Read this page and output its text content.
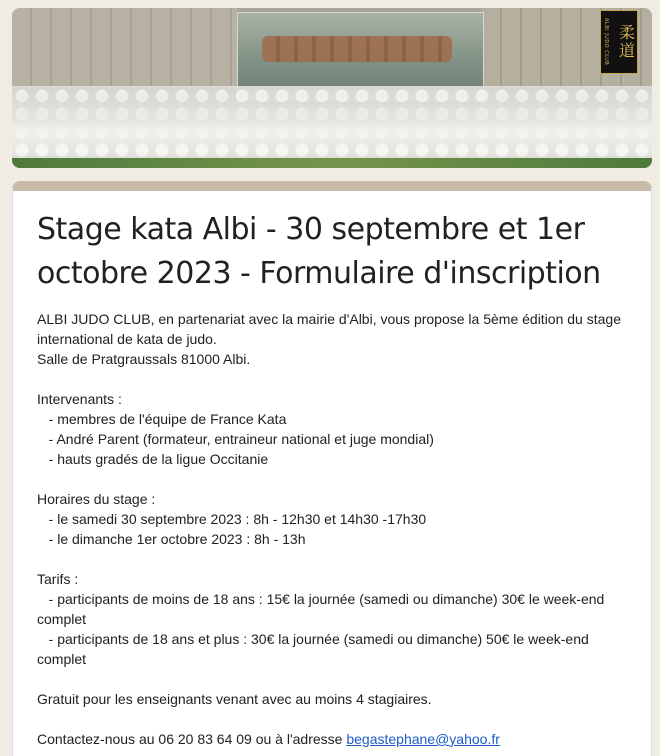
ALBI JUDO CLUB 柔
道
Stage kata Albi - 30 septembre et 1er octobre 2023 - Formulaire d'inscription
ALBI JUDO CLUB, en partenariat avec la mairie d'Albi, vous propose la 5ème édition du stage international de kata de judo.
Salle de Pratgraussals 81000 Albi.
Intervenants :
- membres de l'équipe de France Kata
- André Parent (formateur, entraineur national et juge mondial)
- hauts gradés de la ligue Occitanie
Horaires du stage :
- le samedi 30 septembre 2023 : 8h - 12h30 et 14h30 -17h30
- le dimanche 1er octobre 2023 : 8h - 13h
Tarifs :
- participants de moins de 18 ans : 15€ la journée (samedi ou dimanche) 30€ le week-end complet
- participants de 18 ans et plus : 30€ la journée (samedi ou dimanche) 50€ le week-end complet
Gratuit pour les enseignants venant avec au moins 4 stagiaires.
Contactez-nous au 06 20 83 64 09 ou à l'adresse begastephane@yahoo.fr
